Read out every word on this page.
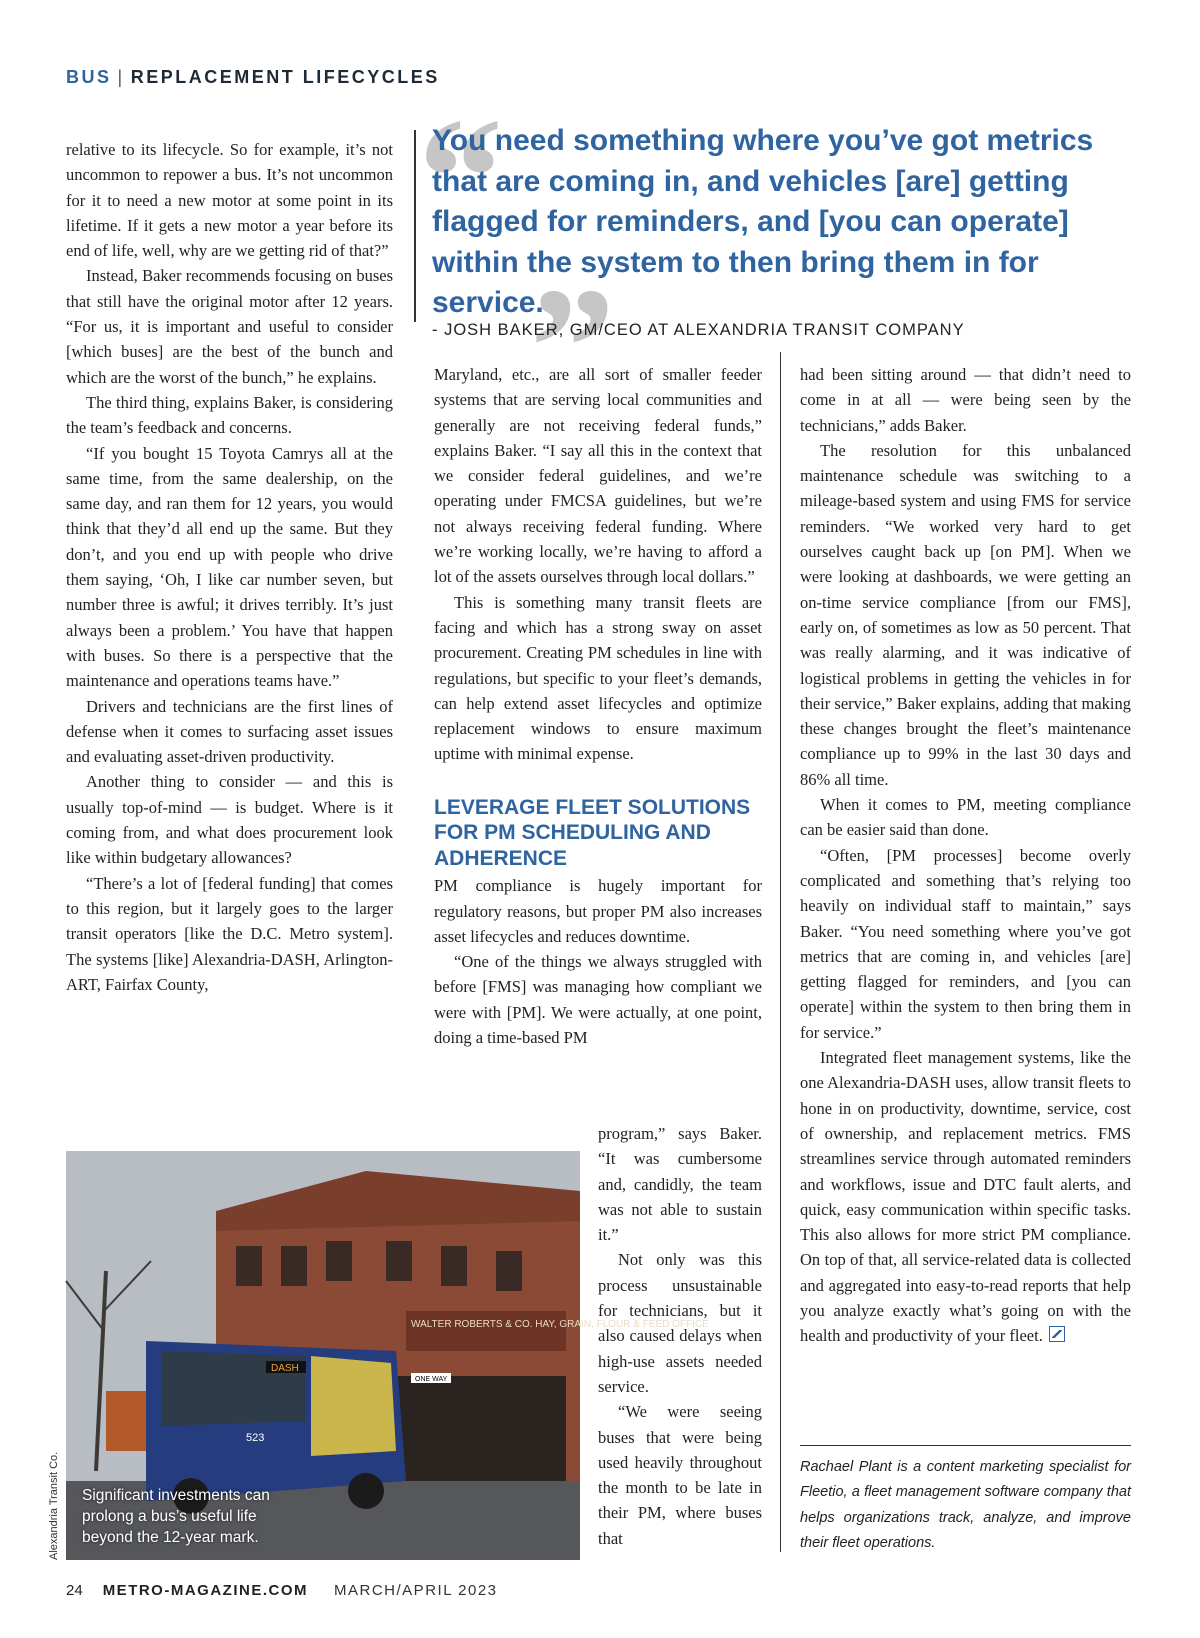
BUS | REPLACEMENT LIFECYCLES
“
”

You need something where you’ve got metrics that are coming in, and vehicles [are] getting flagged for reminders, and [you can operate] within the system to then bring them in for service.

- JOSH BAKER, GM/CEO AT ALEXANDRIA TRANSIT COMPANY

relative to its lifecycle. So for example, it’s not uncommon to repower a bus. It’s not uncommon for it to need a new motor at some point in its lifetime. If it gets a new motor a year before its end of life, well, why are we getting rid of that?”

Instead, Baker recommends focusing on buses that still have the original motor after 12 years. “For us, it is important and useful to consider [which buses] are the best of the bunch and which are the worst of the bunch,” he explains.

The third thing, explains Baker, is considering the team’s feedback and concerns.

“If you bought 15 Toyota Camrys all at the same time, from the same dealership, on the same day, and ran them for 12 years, you would think that they’d all end up the same. But they don’t, and you end up with people who drive them saying, ‘Oh, I like car number seven, but number three is awful; it drives terribly. It’s just always been a problem.’ You have that happen with buses. So there is a perspective that the maintenance and operations teams have.”

Drivers and technicians are the first lines of defense when it comes to surfacing asset issues and evaluating asset-driven productivity.

Another thing to consider — and this is usually top-of-mind — is budget. Where is it coming from, and what does procurement look like within budgetary allowances?

“There’s a lot of [federal funding] that comes to this region, but it largely goes to the larger transit operators [like the D.C. Metro system]. The systems [like] Alexandria-DASH, Arlington-ART, Fairfax County,

Maryland, etc., are all sort of smaller feeder systems that are serving local communities and generally are not receiving federal funds,” explains Baker. “I say all this in the context that we consider federal guidelines, and we’re operating under FMCSA guidelines, but we’re not always receiving federal funding. Where we’re working locally, we’re having to afford a lot of the assets ourselves through local dollars.”

This is something many transit fleets are facing and which has a strong sway on asset procurement. Creating PM schedules in line with regulations, but specific to your fleet’s demands, can help extend asset lifecycles and optimize replacement windows to ensure maximum uptime with minimal expense.

LEVERAGE FLEET SOLUTIONS FOR PM SCHEDULING AND ADHERENCE

PM compliance is hugely important for regulatory reasons, but proper PM also increases asset lifecycles and reduces downtime.

“One of the things we always struggled with before [FMS] was managing how compliant we were with [PM]. We were actually, at one point, doing a time-based PM

program,” says Baker. “It was cumbersome and, candidly, the team was not able to sustain it.”

Not only was this process unsustainable for technicians, but it also caused delays when high-use assets needed service.

“We were seeing buses that were being used heavily throughout the month to be late in their PM, where buses that

had been sitting around — that didn’t need to come in at all — were being seen by the technicians,” adds Baker.

The resolution for this unbalanced maintenance schedule was switching to a mileage-based system and using FMS for service reminders. “We worked very hard to get ourselves caught back up [on PM]. When we were looking at dashboards, we were getting an on-time service compliance [from our FMS], early on, of sometimes as low as 50 percent. That was really alarming, and it was indicative of logistical problems in getting the vehicles in for their service,” Baker explains, adding that making these changes brought the fleet’s maintenance compliance up to 99% in the last 30 days and 86% all time.

When it comes to PM, meeting compliance can be easier said than done.

“Often, [PM processes] become overly complicated and something that’s relying too heavily on individual staff to maintain,” says Baker. “You need something where you’ve got metrics that are coming in, and vehicles [are] getting flagged for reminders, and [you can operate] within the system to then bring them in for service.”

Integrated fleet management systems, like the one Alexandria-DASH uses, allow transit fleets to hone in on productivity, downtime, service, cost of ownership, and replacement metrics. FMS streamlines service through automated reminders and workflows, issue and DTC fault alerts, and quick, easy communication within specific tasks. This also allows for more strict PM compliance. On top of that, all service-related data is collected and aggregated into easy-to-read reports that help you analyze exactly what’s going on with the health and productivity of your fleet.

Rachael Plant is a content marketing specialist for Fleetio, a fleet management software company that helps organizations track, analyze, and improve their fleet operations.

WALTER ROBERTS & CO. HAY, GRAIN, FLOUR & FEED OFFICE
ONE WAY
DASH
523

Significant investments can prolong a bus’s useful life beyond the 12-year mark.

Alexandria Transit Co.
24 METRO-MAGAZINE.COM MARCH/APRIL 2023
